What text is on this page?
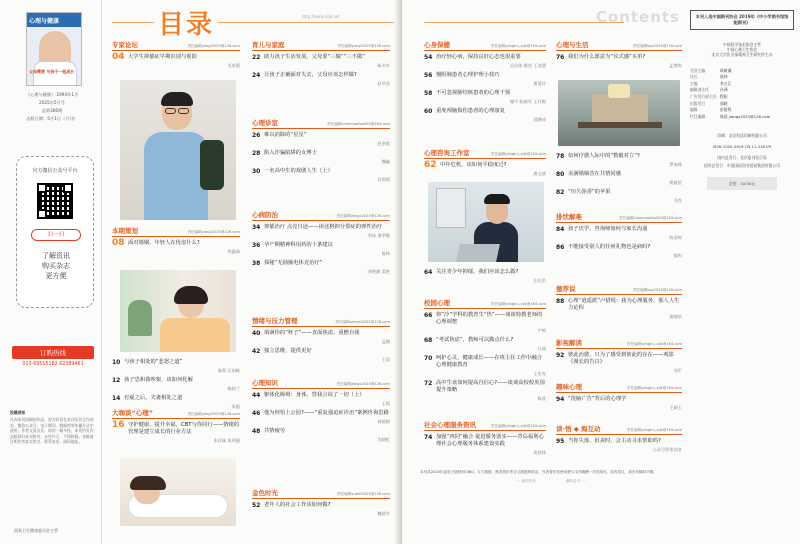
心理与健康
父母需要 与孩子一起成长
《心理与健康》 1994年1月
2025年5月号
总第366期
出版日期：5月1日（月刊）
官方微信公众号平台
扫一扫
了解资讯
购买杂志
更方便
订购热线
010-69515182 62389461
投稿须知
凡向本刊投稿的作品，视为同意在本刊及其合作网站、微信公众号、电子期刊、数据库等传播方式中使用。作者文责自负，请勿一稿多投。本刊所发作品版权归本刊所有，未经许可，不得转载。来稿请注明作者真实姓名、联系电话、通讯地址。
国家卫生健康委员会主管
目录	http://www.xljk.net
专家论坛	责任编辑yangl2025@126.com
04 大学生抑郁症早期识别与预防
毛家强
本期策划	责任编辑yangl2025@126.com
08 面对婚姻，年轻人在忧虑什么?
胡惠珠
10 与孩子相处的“悲怒之道”
秦莽 汪南栋
12 孩子恐和我吵架，该如何化解
杨桂兰
14 有疑之后，夫妻相处之道
朱越
大咖谈“心理”	责任编辑yangl2025@126.com
16 守护健康、提升幸福，CBT与你同行——情绪的管理是建立成长的行业方法
朱祥瑞 朱明强
育儿与家庭	责任编辑yangl2025@126.com
22 助力孩子生活发展，父母要“三做”“三不做”
杨书卉
24 让孩子正确面对失去，父母应该怎样做?
赵华君
心理诊室	责任编辑chenmaofeo000@163.com
26 难以消除的“星星”
赵金霞
28 陷入诈骗陷阱的女博士
魏巍
30 一名高中生的戏剧人生（上）
苏莉莉
心病防治	责任编辑jiangx2023@126.com
34 抑郁治疗 点亮日途——读这格抑分裂症的弹性治疗
李冰 薄孝静
36 孕产期精神科用药的十条建议
陈林
38 探秘“无抽搐电休克治疗”
李艳颜 姜艳
情绪与压力管理	责任编辑pengsl2025@126.com
40 填满你的“杯子”——直面焦虑、重燃自我
孟楠
42 独立思维，提供更好
王珺
心理知识	责任编辑jiangx2023@126.com
44 躯体化障碍：身体，替我言说了一切（上）
王嫣
46 他为何怕上公园?——“重复强迫症诊治”案例咨询思路
何晓娟
48 共情疲劳
沈晓虹
金色时光	责任编辑xuehf2025@126.com
52 老年人的社会工作该如何做?
魏道卉
Contents
心身保健	责任编辑yanghu_xljk@163.com
54 治疗轻心病，保持良好心态也很重要
吴昌伟 维焦 王效慧
56 慢阻肺患者心理护理小技巧
曹爱玲
58 不可忽视肺结核患者的心理干预
谢平 陈新军 王红梅
60 重度颅脑损伤患者的心理康复
邵德成
心理咨询工作室	责任编辑yanghu_xljk@163.com
62 中年危机，该如何平稳度过?
唐文斌
64 关注青少年抑郁，我们应该怎么做?
汪长洪
校园心理	责任编辑yanghu_xljk@163.com
66 将“冷”学科的教育生“热”——谈谈特教老师的心理调整
卢婷
68 “考试焦虑”，教师可以做点什么?
孔丽
70 呵护心灵，健康成长——在班主任工作中融合心理健康教育
王宏亮
72 高中生该如何提高自信心?——谈谈高校校英国提升策略
陈欣
社会心理服务资讯	责任编辑yanghu_xljk@163.com
74 加强“四同”融合 促进服务落实——青岛福利心理社会心理服务体系建设实践
房跃林
心理与生活	责任编辑lipz2025@126.com
76 我们为什么愿意为“仪式感”买单?
孟博奔
78 如何疗愈人际中的“数毅对立”?
罗海燕
80 美满婚姻昔在共情同感
姚姚星
82 “历久弥香”的苹果
书苍
排忧解难	责任编辑chenmaofeo000@163.com
84 孩子厌学，咨询师如何与家长沟通
陈金婷
86 不能接受别人的任何礼物也是病吗?
廖冉
德荐说	责任编辑lipz2025@126.com
88 心理“逍遥派”卢猎锐：我为心理服务、那人人生力论程
翁德泉
影视解读	责任编辑yanghu_xljk@163.com
92 彼此治愈，只为了感受到彼此的存在——观影《漫长的告白》
刘平
趣味心理	责任编辑yanghu_xljk@163.com
94 “洗脑广告”背后的心理学
王殿玉
读·悟 ◆ 海互动	责任编辑yanghu_xljk@163.com
95 当你失落、沮丧时，会主动寻求帮助吗?
公众号管室读者
本刊从2020年起电子版授权CNKI、万方数据、维普资讯等全文数据库收录，作者著作权使用费与本刊稿酬一次性给付。如有异议，请在来稿时声明。
一 版权所有	翻印必究 一
本刊入选中国期刊协会 2019年《中小学图书馆馆配期刊》
中国科学技术协会主管
中国心理卫生协会
北京大学医学部精神卫生研究所主办
名誉主编	陈树谦
社长	陆林
主编	李占江
编辑部主任	孙洲
广告发行部主任 程阳
出版发行	郭晓
编辑	彭毅鸣
栏目编辑	陈晨 jiangx2023@126.com
印刷：北京科信印刷有限公司
ISSN 1005-5916 CN 11-3187/R
国内总发行：北京报刊发行局
国外总发行：中国国际图书贸易集团有限公司
定价：10.00元
